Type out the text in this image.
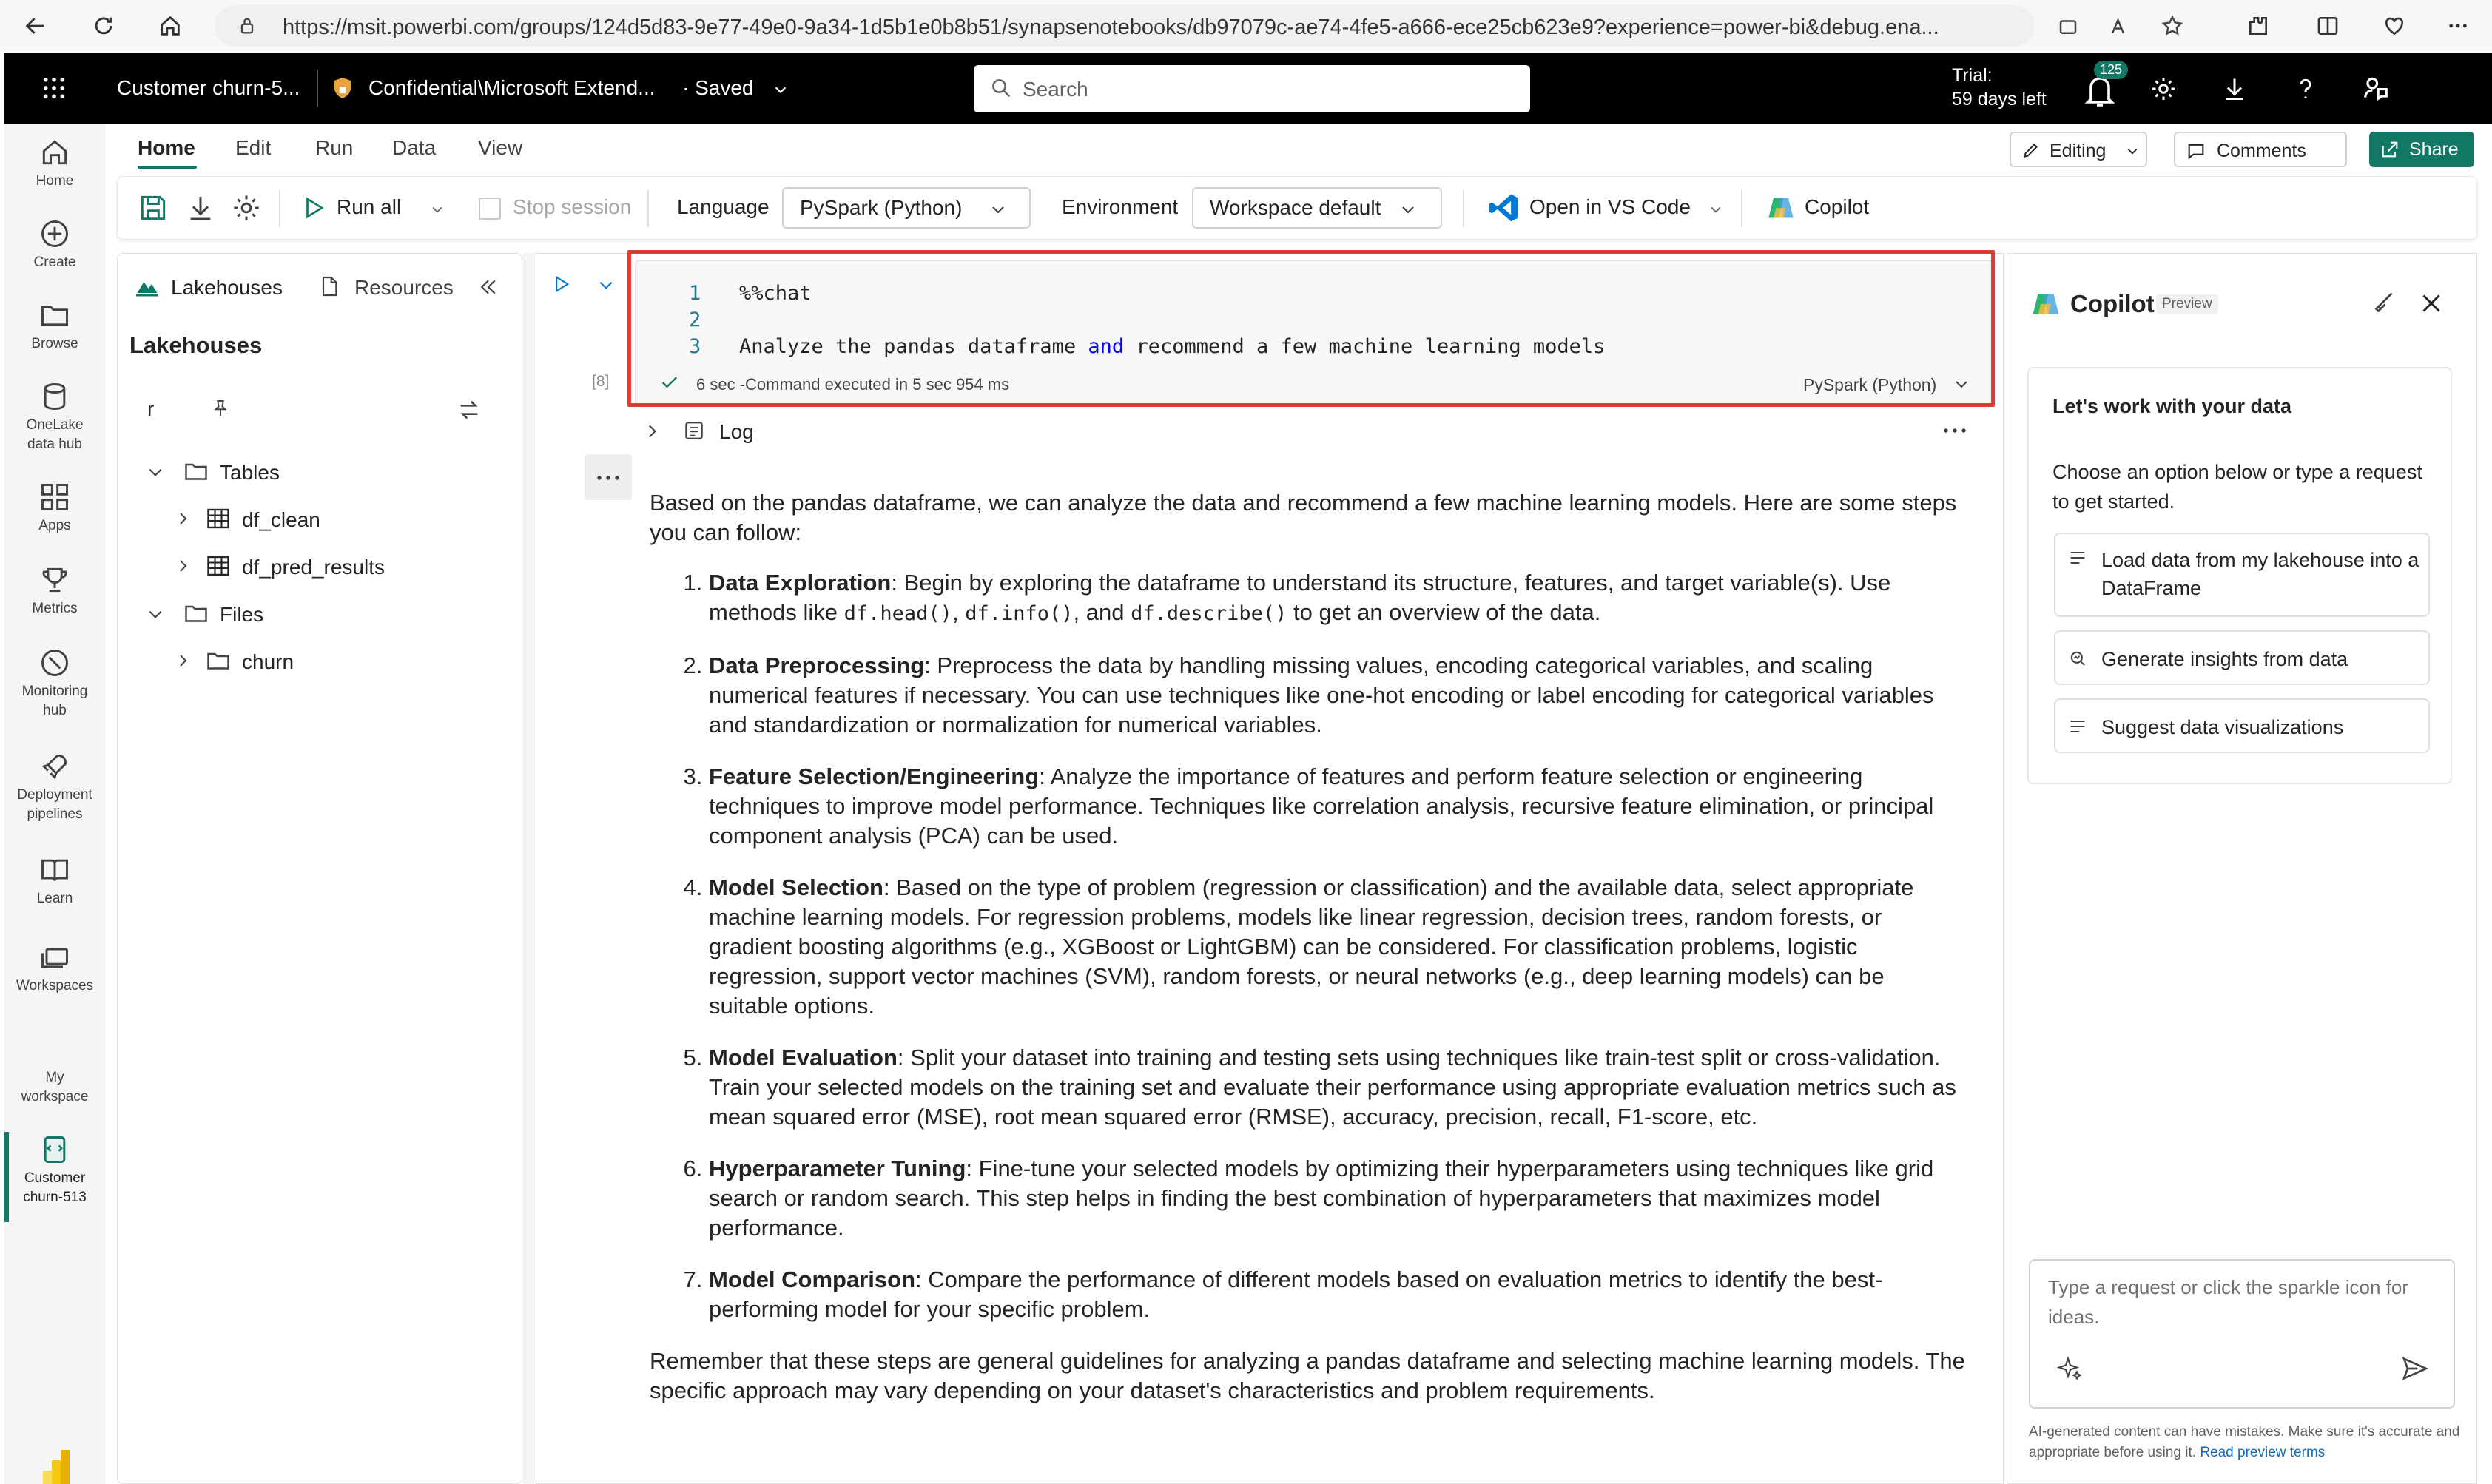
https://msit.powerbi.com/groups/124d5d83-9e77-49e0-9a34-1d5b1e0b8b51/synapsenotebooks/db97079c-ae74-4fe5-a666-ece25cb623e9?experience=power-bi&debug.ena...
Customer churn-5...	Confidential\Microsoft Extend... · Saved	Search
Trial:
59 days left
125
Home
Create
Browse
OneLake data hub
Apps
Metrics
Monitoring hub
Deployment pipelines
Learn
Workspaces
My workspace
Customer churn-513
Home Edit Run Data View	Editing	Comments	Share
Run all	Stop session Language	PySpark (Python)	Environment	Workspace default	Open in VS Code	Copilot
Lakehouses	Resources
Lakehouses
r
Tables
df_clean
df_pred_results
Files
churn
[8]
1
2
3
%%chat
Analyze the pandas dataframe and recommend a few machine learning models
6 sec -Command executed in 5 sec 954 ms	PySpark (Python)
Log

Based on the pandas dataframe, we can analyze the data and recommend a few machine learning models. Here are some steps you can follow:

1. Data Exploration: Begin by exploring the dataframe to understand its structure, features, and target variable(s). Use methods like df.head(), df.info(), and df.describe() to get an overview of the data.
2. Data Preprocessing: Preprocess the data by handling missing values, encoding categorical variables, and scaling numerical features if necessary. You can use techniques like one-hot encoding or label encoding for categorical variables and standardization or normalization for numerical variables.
3. Feature Selection/Engineering: Analyze the importance of features and perform feature selection or engineering techniques to improve model performance. Techniques like correlation analysis, recursive feature elimination, or principal component analysis (PCA) can be used.
4. Model Selection: Based on the type of problem (regression or classification) and the available data, select appropriate machine learning models. For regression problems, models like linear regression, decision trees, random forests, or gradient boosting algorithms (e.g., XGBoost or LightGBM) can be considered. For classification problems, logistic regression, support vector machines (SVM), random forests, or neural networks (e.g., deep learning models) can be suitable options.
5. Model Evaluation: Split your dataset into training and testing sets using techniques like train-test split or cross-validation. Train your selected models on the training set and evaluate their performance using appropriate evaluation metrics such as mean squared error (MSE), root mean squared error (RMSE), accuracy, precision, recall, F1-score, etc.
6. Hyperparameter Tuning: Fine-tune your selected models by optimizing their hyperparameters using techniques like grid search or random search. This step helps in finding the best combination of hyperparameters that maximizes model performance.
7. Model Comparison: Compare the performance of different models based on evaluation metrics to identify the best-performing model for your specific problem.

Remember that these steps are general guidelines for analyzing a pandas dataframe and selecting machine learning models. The specific approach may vary depending on your dataset's characteristics and problem requirements.

Copilot Preview
Let's work with your data
Choose an option below or type a request to get started.
Load data from my lakehouse into a DataFrame
Generate insights from data
Suggest data visualizations
Type a request or click the sparkle icon for ideas.
AI-generated content can have mistakes. Make sure it's accurate and appropriate before using it. Read preview terms
